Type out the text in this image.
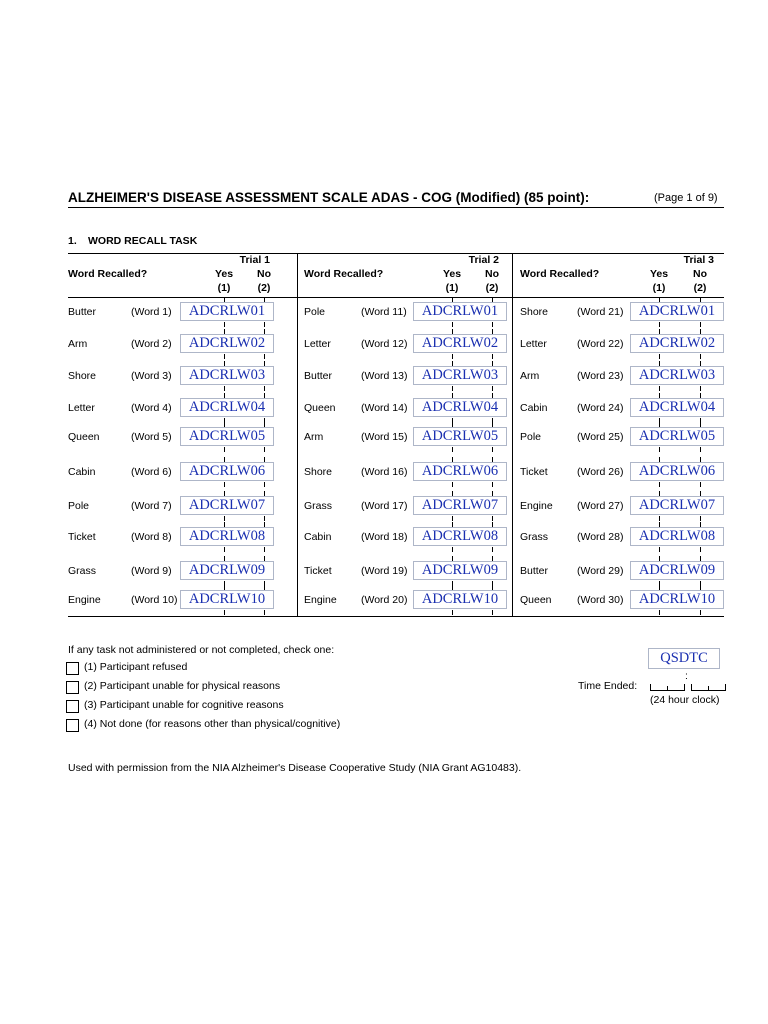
ALZHEIMER'S DISEASE ASSESSMENT SCALE ADAS - COG (Modified) (85 point):	(Page 1 of 9)
1. WORD RECALL TASK
Word Recalled?
Trial 1
Yes	No
(1)	(2)
Butter	(Word 1)	ADCRLW01
Arm	(Word 2)	ADCRLW02
Shore	(Word 3)	ADCRLW03
Letter	(Word 4)	ADCRLW04
Queen	(Word 5)	ADCRLW05
Cabin	(Word 6)	ADCRLW06
Pole	(Word 7)	ADCRLW07
Ticket	(Word 8)	ADCRLW08
Grass	(Word 9)	ADCRLW09
Engine	(Word 10) ADCRLW10
Word Recalled?
Trial 2
Yes	No
(1)	(2)
Pole	(Word 11)	ADCRLW01
Letter	(Word 12) ADCRLW02
Butter	(Word 13) ADCRLW03
Queen (Word 14) ADCRLW04
Arm	(Word 15) ADCRLW05
Shore	(Word 16) ADCRLW06
Grass	(Word 17) ADCRLW07
Cabin	(Word 18) ADCRLW08
Ticket	(Word 19) ADCRLW09
Engine (Word 20) ADCRLW10
Word Recalled?
Trial 3
Yes	No
(1)	(2)
Shore	(Word 21)	ADCRLW01
Letter	(Word 22)	ADCRLW02
Arm	(Word 23)	ADCRLW03
Cabin	(Word 24)	ADCRLW04
Pole	(Word 25)	ADCRLW05
Ticket	(Word 26)	ADCRLW06
Engine (Word 27)	ADCRLW07
Grass	(Word 28)	ADCRLW08
Butter	(Word 29)	ADCRLW09
Queen (Word 30)	ADCRLW10
If any task not administered or not completed, check one:
(1) Participant refused
(2) Participant unable for physical reasons
(3) Participant unable for cognitive reasons
(4) Not done (for reasons other than physical/cognitive)
QSDTC
Time Ended:
:
(24 hour clock)
Used with permission from the NIA Alzheimer's Disease Cooperative Study (NIA Grant AG10483).
